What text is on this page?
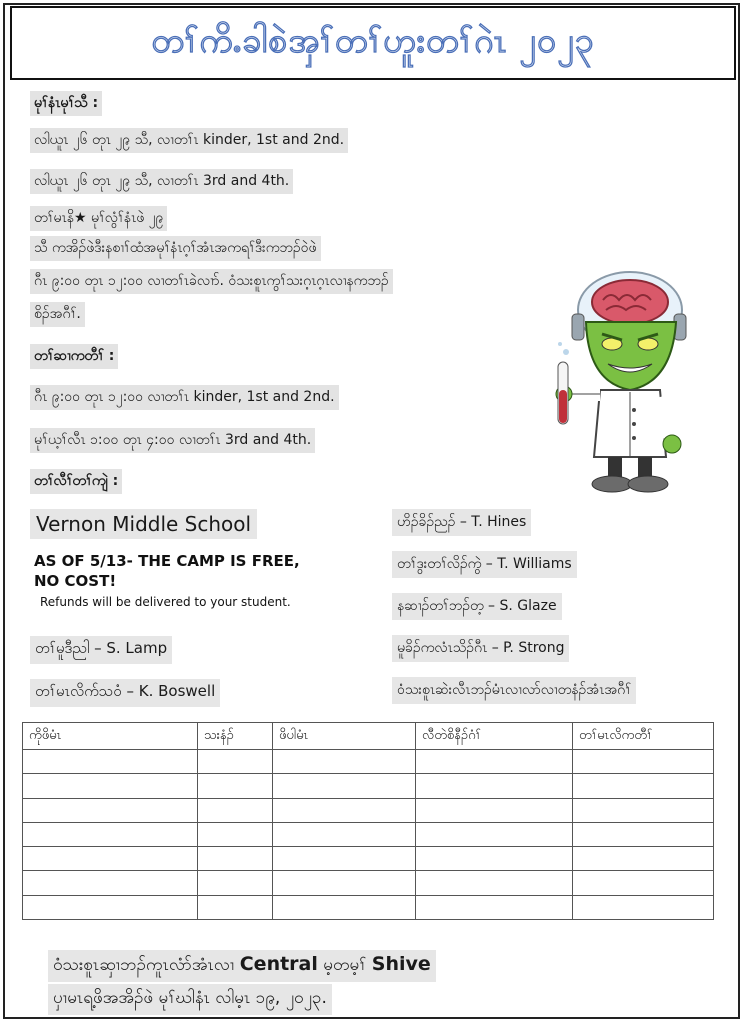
တၢ်ကိႉခါစဲအှၢ်တၢ်ဟူးတၢ်ဂဲၤ ၂၀၂၃
မုၢ်နံၤမုၢ်သီ :
လါယူၤ ၂၆ တုၤ ၂၉ သီ, လၢတၢ်ၤ kinder, 1st and 2nd.
လါယူၤ ၂၆ တုၤ ၂၉ သီ, လၢတၢ်ၤ 3rd and 4th.
တၢ်မၤနိ★ မုၢ်လွံၢ်နံၤဖဲ ၂၉
သီ ကအိၣ်ဖဲဒီးနစၢၢ်ထံအမုၢ်နံၤဂ့ၢ်အံၤအကရၢ်ဒီးကဘၣ်ဝဲဖဲ
ဂီၤ ၉:၀၀ တုၤ ၁၂:၀၀ လၢတၢ်ၤခဲလၢာ်. ဝံသးစူၤကွၢ်သးဂ့ၤဂ့ၤလၢနကဘၣ်
စိၣ်အဂီၢ်.
တၢ်ဆၢကတီၢ် :
ဂီၤ ၉:၀၀ တုၤ ၁၂:၀၀ လၢတၢ်ၤ kinder, 1st and 2nd.
မုၢ်ယ့ၢ်လီၤ ၁:၀၀ တုၤ ၄:၀၀ လၢတၢ်ၤ 3rd and 4th.
တၢ်လီၢ်တၢ်ကျဲ :
Vernon Middle School
AS OF 5/13- THE CAMP IS FREE, NO COST!
Refunds will be delivered to your student.
တၢ်မူဒီညါ – S. Lamp
တၢ်မၤလိက်သ၀ံ – K. Boswell
ဟိၣ်ခိၣ်ညၣ် – T. Hines
တၢ်ဒွးတၢ်လိၣ်ကွဲ – T. Williams
နဆၢၣ်တၢ်ဘၣ်တ့ – S. Glaze
မူခိၣ်ကလံၤသိၣ်ဂီၤ – P. Strong
ဝံသးစူၤဆဲးလီၤဘၣ်မံၤလၢလာ်လၢတနံၣ်အံၤအဂီၢ်
ကိုဖိမံၤ	သးနံၣ်	ဖိပါမံၤ	လီတဲစိနီၣ်ဂံၢ်	တၢ်မၤလိကတီၢ်

ဝံသးစူၤဆှၢဘၣ်ကူၤလံာ်အံၤလၢ Central မ့တမ့ၢ် Shive
ပှၢမၤရ့ဖိအအိၣ်ဖဲ မုၢ်ဃါနံၤ လါမ့ၤ ၁၉, ၂၀၂၃.
